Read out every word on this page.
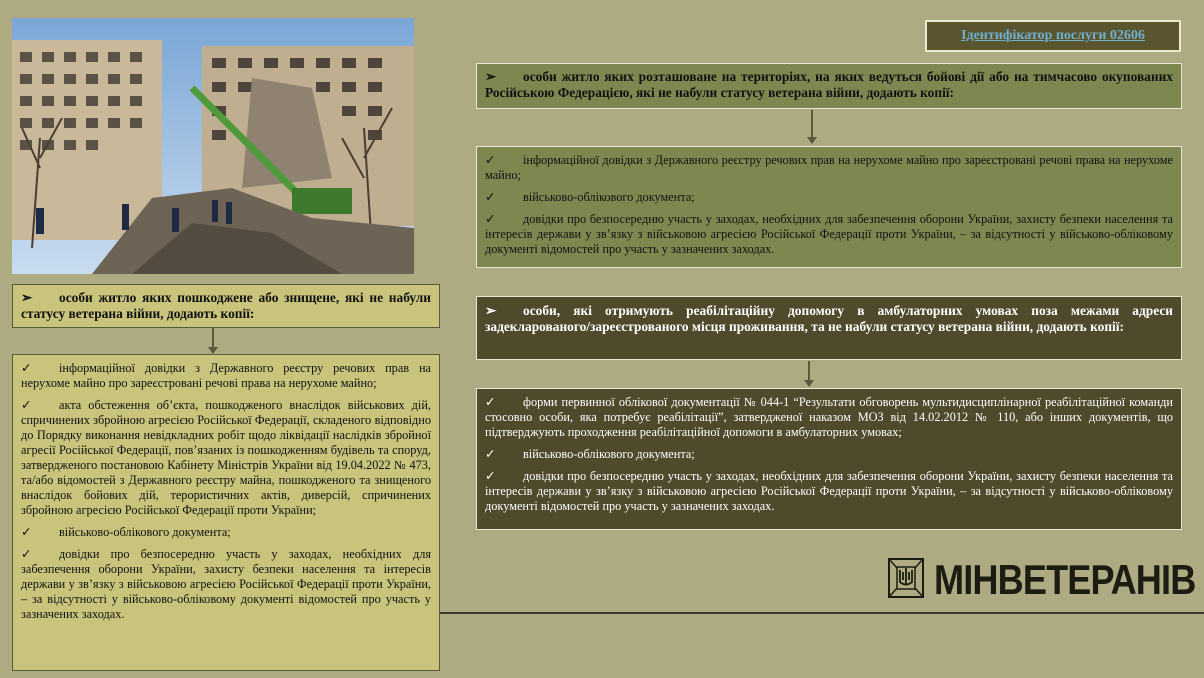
➢ особи житло яких пошкоджене або знищене, які не набули статусу ветерана війни, додають копії:

✓ інформаційної довідки з Державного реєстру речових прав на нерухоме майно про зареєстровані речові права на нерухоме майно;

✓ акта обстеження об’єкта, пошкодженого внаслідок військових дій, спричинених збройною агресією Російської Федерації, складеного відповідно до Порядку виконання невідкладних робіт щодо ліквідації наслідків збройної агресії Російської Федерації, пов’язаних із пошкодженням будівель та споруд, затвердженого постановою Кабінету Міністрів України від 19.04.2022 № 473, та/або відомостей з Державного реєстру майна, пошкодженого та знищеного внаслідок бойових дій, терористичних актів, диверсій, спричинених збройною агресією Російської Федерації проти України;

✓ військово-облікового документа;

✓ довідки про безпосередню участь у заходах, необхідних для забезпечення оборони України, захисту безпеки населення та інтересів держави у зв’язку з військовою агресією Російської Федерації проти України, – за відсутності у військово-обліковому документі відомостей про участь у зазначених заходах.

Ідентифікатор послуги 02606
➢ особи житло яких розташоване на територіях, на яких ведуться бойові дії або на тимчасово окупованих Російською Федерацією, які не набули статусу ветерана війни, додають копії:

✓ інформаційної довідки з Державного реєстру речових прав на нерухоме майно про зареєстровані речові права на нерухоме майно;

✓ військово-облікового документа;

✓ довідки про безпосередню участь у заходах, необхідних для забезпечення оборони України, захисту безпеки населення та інтересів держави у зв’язку з військовою агресією Російської Федерації проти України, – за відсутності у військово-обліковому документі відомостей про участь у зазначених заходах.

➢ особи, які отримують реабілітаційну допомогу в амбулаторних умовах поза межами адреси задекларованого/зареєстрованого місця проживання, та не набули статусу ветерана війни, додають копії:

✓ форми первинної облікової документації № 044-1 “Результати обговорень мультидисциплінарної реабілітаційної команди стосовно особи, яка потребує реабілітації”, затвердженої наказом МОЗ від 14.02.2012 № 110, або інших документів, що підтверджують проходження реабілітаційної допомоги в амбулаторних умовах;

✓ військово-облікового документа;

✓ довідки про безпосередню участь у заходах, необхідних для забезпечення оборони України, захисту безпеки населення та інтересів держави у зв’язку з військовою агресією Російської Федерації проти України, – за відсутності у військово-обліковому документі відомостей про участь у зазначених заходах.

МІНВЕТЕРАНІВ
